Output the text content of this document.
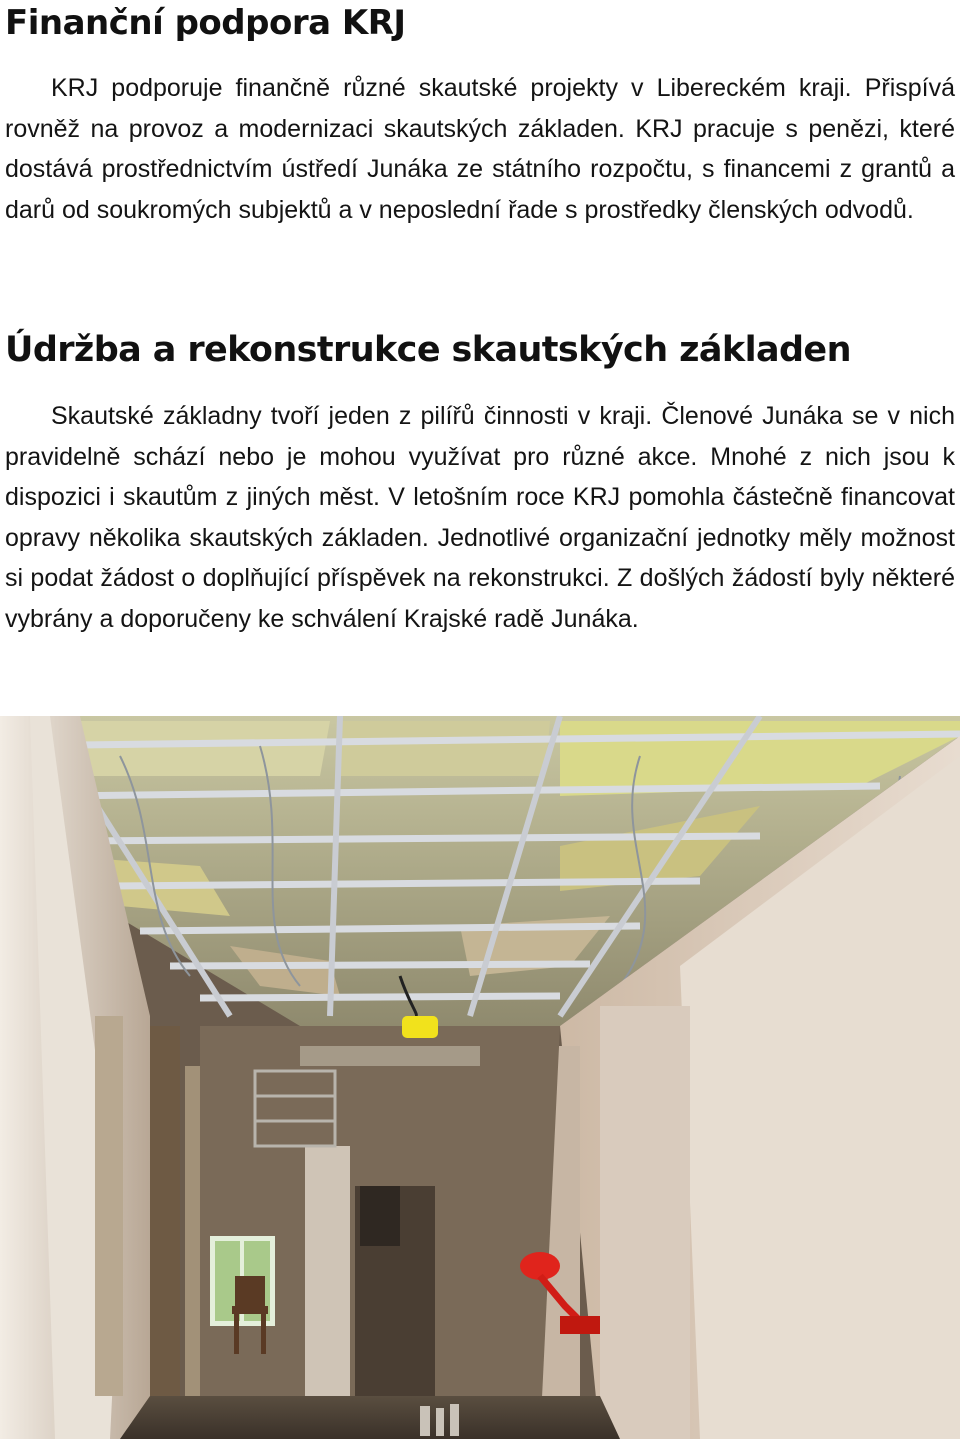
Finanční podpora KRJ

KRJ podporuje finančně různé skautské projekty v Libereckém kraji. Přispívá rovněž na provoz a modernizaci skautských základen. KRJ pracuje s penězi, které dostává prostřednictvím ústředí Junáka ze státního rozpočtu, s financemi z grantů a darů od soukromých subjektů a v neposlední řade s prostředky členských odvodů.

Údržba a rekonstrukce skautských základen

Skautské základny tvoří jeden z pilířů činnosti v kraji. Členové Junáka se v nich pravidelně schází nebo je mohou využívat pro různé akce. Mnohé z nich jsou k dispozici i skautům z jiných měst. V letošním roce KRJ pomohla částečně financovat opravy několika skautských základen. Jednotlivé organizační jednotky měly možnost si podat žádost o doplňující příspěvek na rekonstrukci. Z došlých žádostí byly některé vybrány a doporučeny ke schválení Krajské radě Junáka.
